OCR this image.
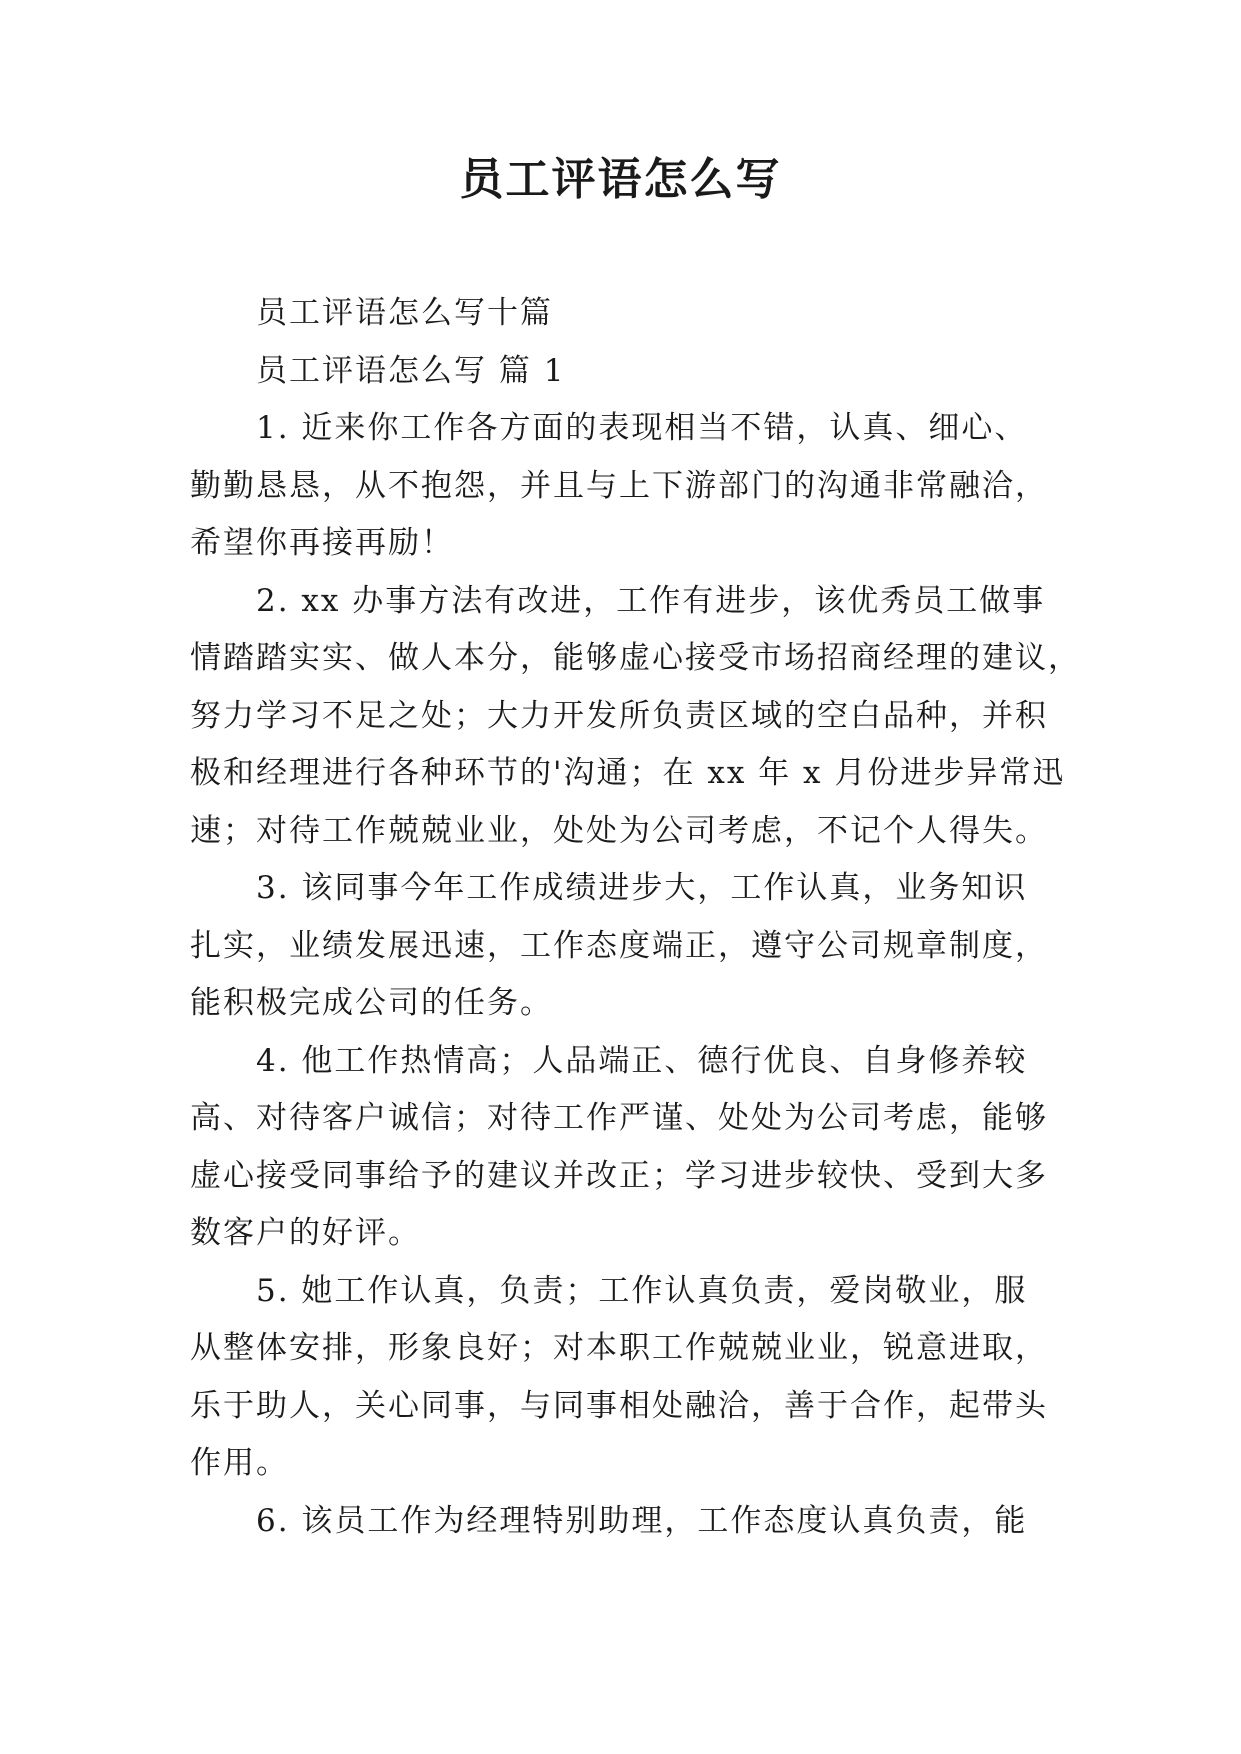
员工评语怎么写
员工评语怎么写十篇
员工评语怎么写 篇 1
1. 近来你工作各方面的表现相当不错，认真、细心、
勤勤恳恳，从不抱怨，并且与上下游部门的沟通非常融洽，
希望你再接再励！
2. xx 办事方法有改进，工作有进步，该优秀员工做事
情踏踏实实、做人本分，能够虚心接受市场招商经理的建议，
努力学习不足之处；大力开发所负责区域的空白品种，并积
极和经理进行各种环节的'沟通；在 xx 年 x 月份进步异常迅
速；对待工作兢兢业业，处处为公司考虑，不记个人得失。
3. 该同事今年工作成绩进步大，工作认真，业务知识
扎实，业绩发展迅速，工作态度端正，遵守公司规章制度，
能积极完成公司的任务。
4. 他工作热情高；人品端正、德行优良、自身修养较
高、对待客户诚信；对待工作严谨、处处为公司考虑，能够
虚心接受同事给予的建议并改正；学习进步较快、受到大多
数客户的好评。
5. 她工作认真，负责；工作认真负责，爱岗敬业，服
从整体安排，形象良好；对本职工作兢兢业业，锐意进取，
乐于助人，关心同事，与同事相处融洽，善于合作，起带头
作用。
6. 该员工作为经理特别助理，工作态度认真负责，能
